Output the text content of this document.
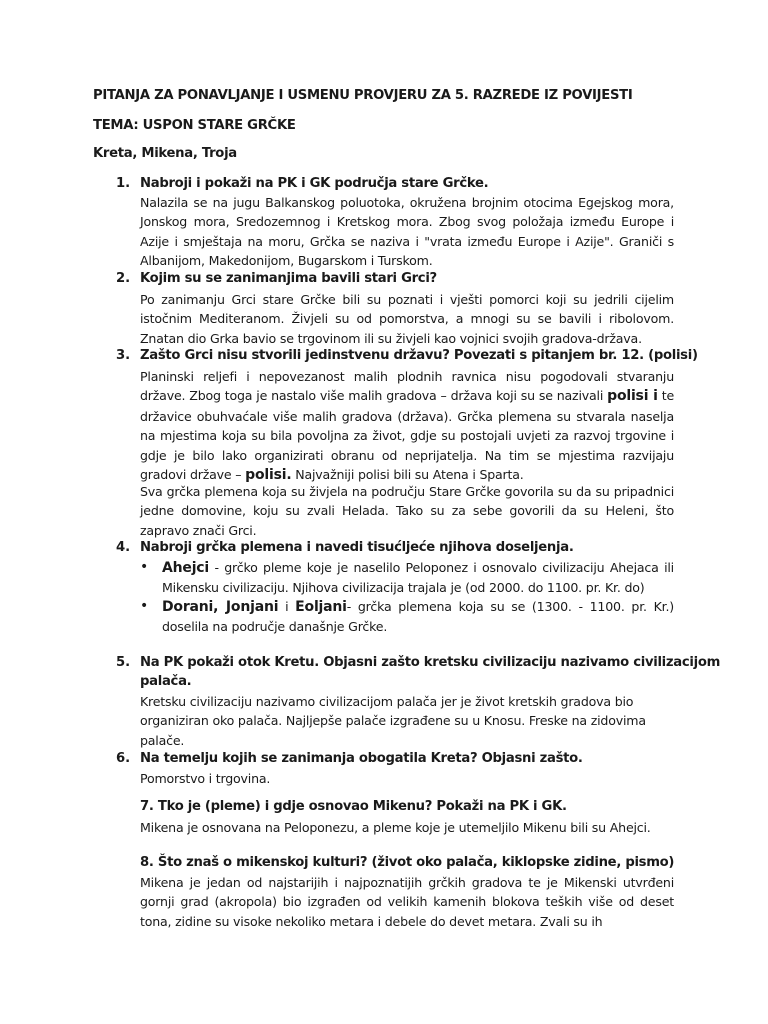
PITANJA ZA PONAVLJANJE I USMENU PROVJERU ZA 5. RAZREDE IZ POVIJESTI
TEMA: USPON STARE GRČKE
Kreta, Mikena, Troja
1. Nabroji i pokaži na PK i GK područja stare Grčke.
Nalazila se na jugu Balkanskog poluotoka, okružena brojnim otocima Egejskog mora, Jonskog mora, Sredozemnog i Kretskog mora. Zbog svog položaja između Europe i Azije i smještaja na moru, Grčka se naziva i "vrata između Europe i Azije". Graniči s Albanijom, Makedonijom, Bugarskom i Turskom.
2. Kojim su se zanimanjima bavili stari Grci?
Po zanimanju Grci stare Grčke bili su poznati i vješti pomorci koji su jedrili cijelim istočnim Mediteranom. Živjeli su od pomorstva, a mnogi su se bavili i ribolovom. Znatan dio Grka bavio se trgovinom ili su živjeli kao vojnici svojih gradova-država.
3. Zašto Grci nisu stvorili jedinstvenu državu? Povezati s pitanjem br. 12. (polisi)
Planinski reljefi i nepovezanost malih plodnih ravnica nisu pogodovali stvaranju države. Zbog toga je nastalo više malih gradova – država koji su se nazivali polisi i te državice obuhvaćale više malih gradova (država). Grčka plemena su stvarala naselja na mjestima koja su bila povoljna za život, gdje su postojali uvjeti za razvoj trgovine i gdje je bilo lako organizirati obranu od neprijatelja. Na tim se mjestima razvijaju gradovi države – polisi. Najvažniji polisi bili su Atena i Sparta.
Sva grčka plemena koja su živjela na području Stare Grčke govorila su da su pripadnici jedne domovine, koju su zvali Helada. Tako su za sebe govorili da su Heleni, što zapravo znači Grci.
4. Nabroji grčka plemena i navedi tisućljeće njihova doseljenja.
• Ahejci - grčko pleme koje je naselilo Peloponez i osnovalo civilizaciju Ahejaca ili Mikensku civilizaciju. Njihova civilizacija trajala je (od 2000. do 1100. pr. Kr. do)
• Dorani, Jonjani i Eoljani- grčka plemena koja su se (1300. - 1100. pr. Kr.) doselila na područje današnje Grčke.
5. Na PK pokaži otok Kretu. Objasni zašto kretsku civilizaciju nazivamo civilizacijom
palača.
Kretsku civilizaciju nazivamo civilizacijom palača jer je život kretskih gradova bio organiziran oko palača. Najljepše palače izgrađene su u Knosu. Freske na zidovima palače.
6. Na temelju kojih se zanimanja obogatila Kreta? Objasni zašto.
Pomorstvo i trgovina.
7. Tko je (pleme) i gdje osnovao Mikenu? Pokaži na PK i GK.
Mikena je osnovana na Peloponezu, a pleme koje je utemeljilo Mikenu bili su Ahejci.
8. Što znaš o mikenskoj kulturi? (život oko palača, kiklopske zidine, pismo)
Mikena je jedan od najstarijih i najpoznatijih grčkih gradova te je Mikenski utvrđeni gornji grad (akropola) bio izgrađen od velikih kamenih blokova teških više od deset tona, zidine su visoke nekoliko metara i debele do devet metara. Zvali su ih
